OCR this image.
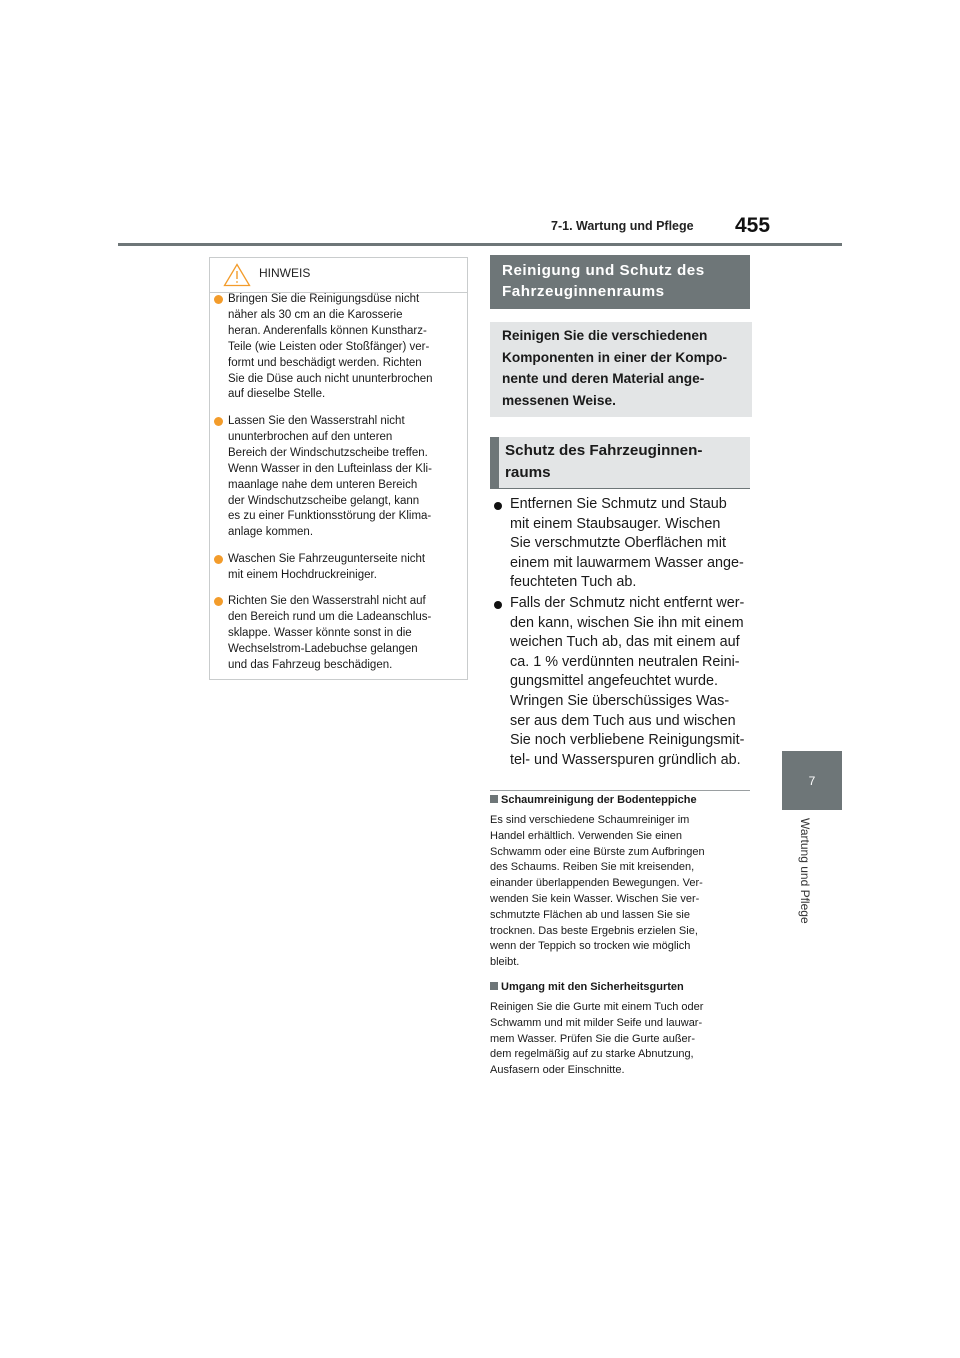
7-1. Wartung und Pflege 455
7
Wartung und Pflege
HINWEIS
Bringen Sie die Reinigungsdüse nicht
näher als 30 cm an die Karosserie
heran. Anderenfalls können Kunstharz-
Teile (wie Leisten oder Stoßfänger) ver-
formt und beschädigt werden. Richten
Sie die Düse auch nicht ununterbrochen
auf dieselbe Stelle.
Lassen Sie den Wasserstrahl nicht
ununterbrochen auf den unteren
Bereich der Windschutzscheibe treffen.
Wenn Wasser in den Lufteinlass der Kli-
maanlage nahe dem unteren Bereich
der Windschutzscheibe gelangt, kann
es zu einer Funktionsstörung der Klima-
anlage kommen.
Waschen Sie Fahrzeugunterseite nicht
mit einem Hochdruckreiniger.
Richten Sie den Wasserstrahl nicht auf
den Bereich rund um die Ladeanschlus-
sklappe. Wasser könnte sonst in die
Wechselstrom-Ladebuchse gelangen
und das Fahrzeug beschädigen.
Reinigung und Schutz des
Fahrzeuginnenraums
Reinigen Sie die verschiedenen
Komponenten in einer der Kompo-
nente und deren Material ange-
messenen Weise.
Schutz des Fahrzeuginnen-
raums
Entfernen Sie Schmutz und Staub
mit einem Staubsauger. Wischen
Sie verschmutzte Oberflächen mit
einem mit lauwarmem Wasser ange-
feuchteten Tuch ab.
Falls der Schmutz nicht entfernt wer-
den kann, wischen Sie ihn mit einem
weichen Tuch ab, das mit einem auf
ca. 1 % verdünnten neutralen Reini-
gungsmittel angefeuchtet wurde.
Wringen Sie überschüssiges Was-
ser aus dem Tuch aus und wischen
Sie noch verbliebene Reinigungsmit-
tel- und Wasserspuren gründlich ab.
Schaumreinigung der Bodenteppiche
Es sind verschiedene Schaumreiniger im
Handel erhältlich. Verwenden Sie einen
Schwamm oder eine Bürste zum Aufbringen
des Schaums. Reiben Sie mit kreisenden,
einander überlappenden Bewegungen. Ver-
wenden Sie kein Wasser. Wischen Sie ver-
schmutzte Flächen ab und lassen Sie sie
trocknen. Das beste Ergebnis erzielen Sie,
wenn der Teppich so trocken wie möglich
bleibt.
Umgang mit den Sicherheitsgurten
Reinigen Sie die Gurte mit einem Tuch oder
Schwamm und mit milder Seife und lauwar-
mem Wasser. Prüfen Sie die Gurte außer-
dem regelmäßig auf zu starke Abnutzung,
Ausfasern oder Einschnitte.
